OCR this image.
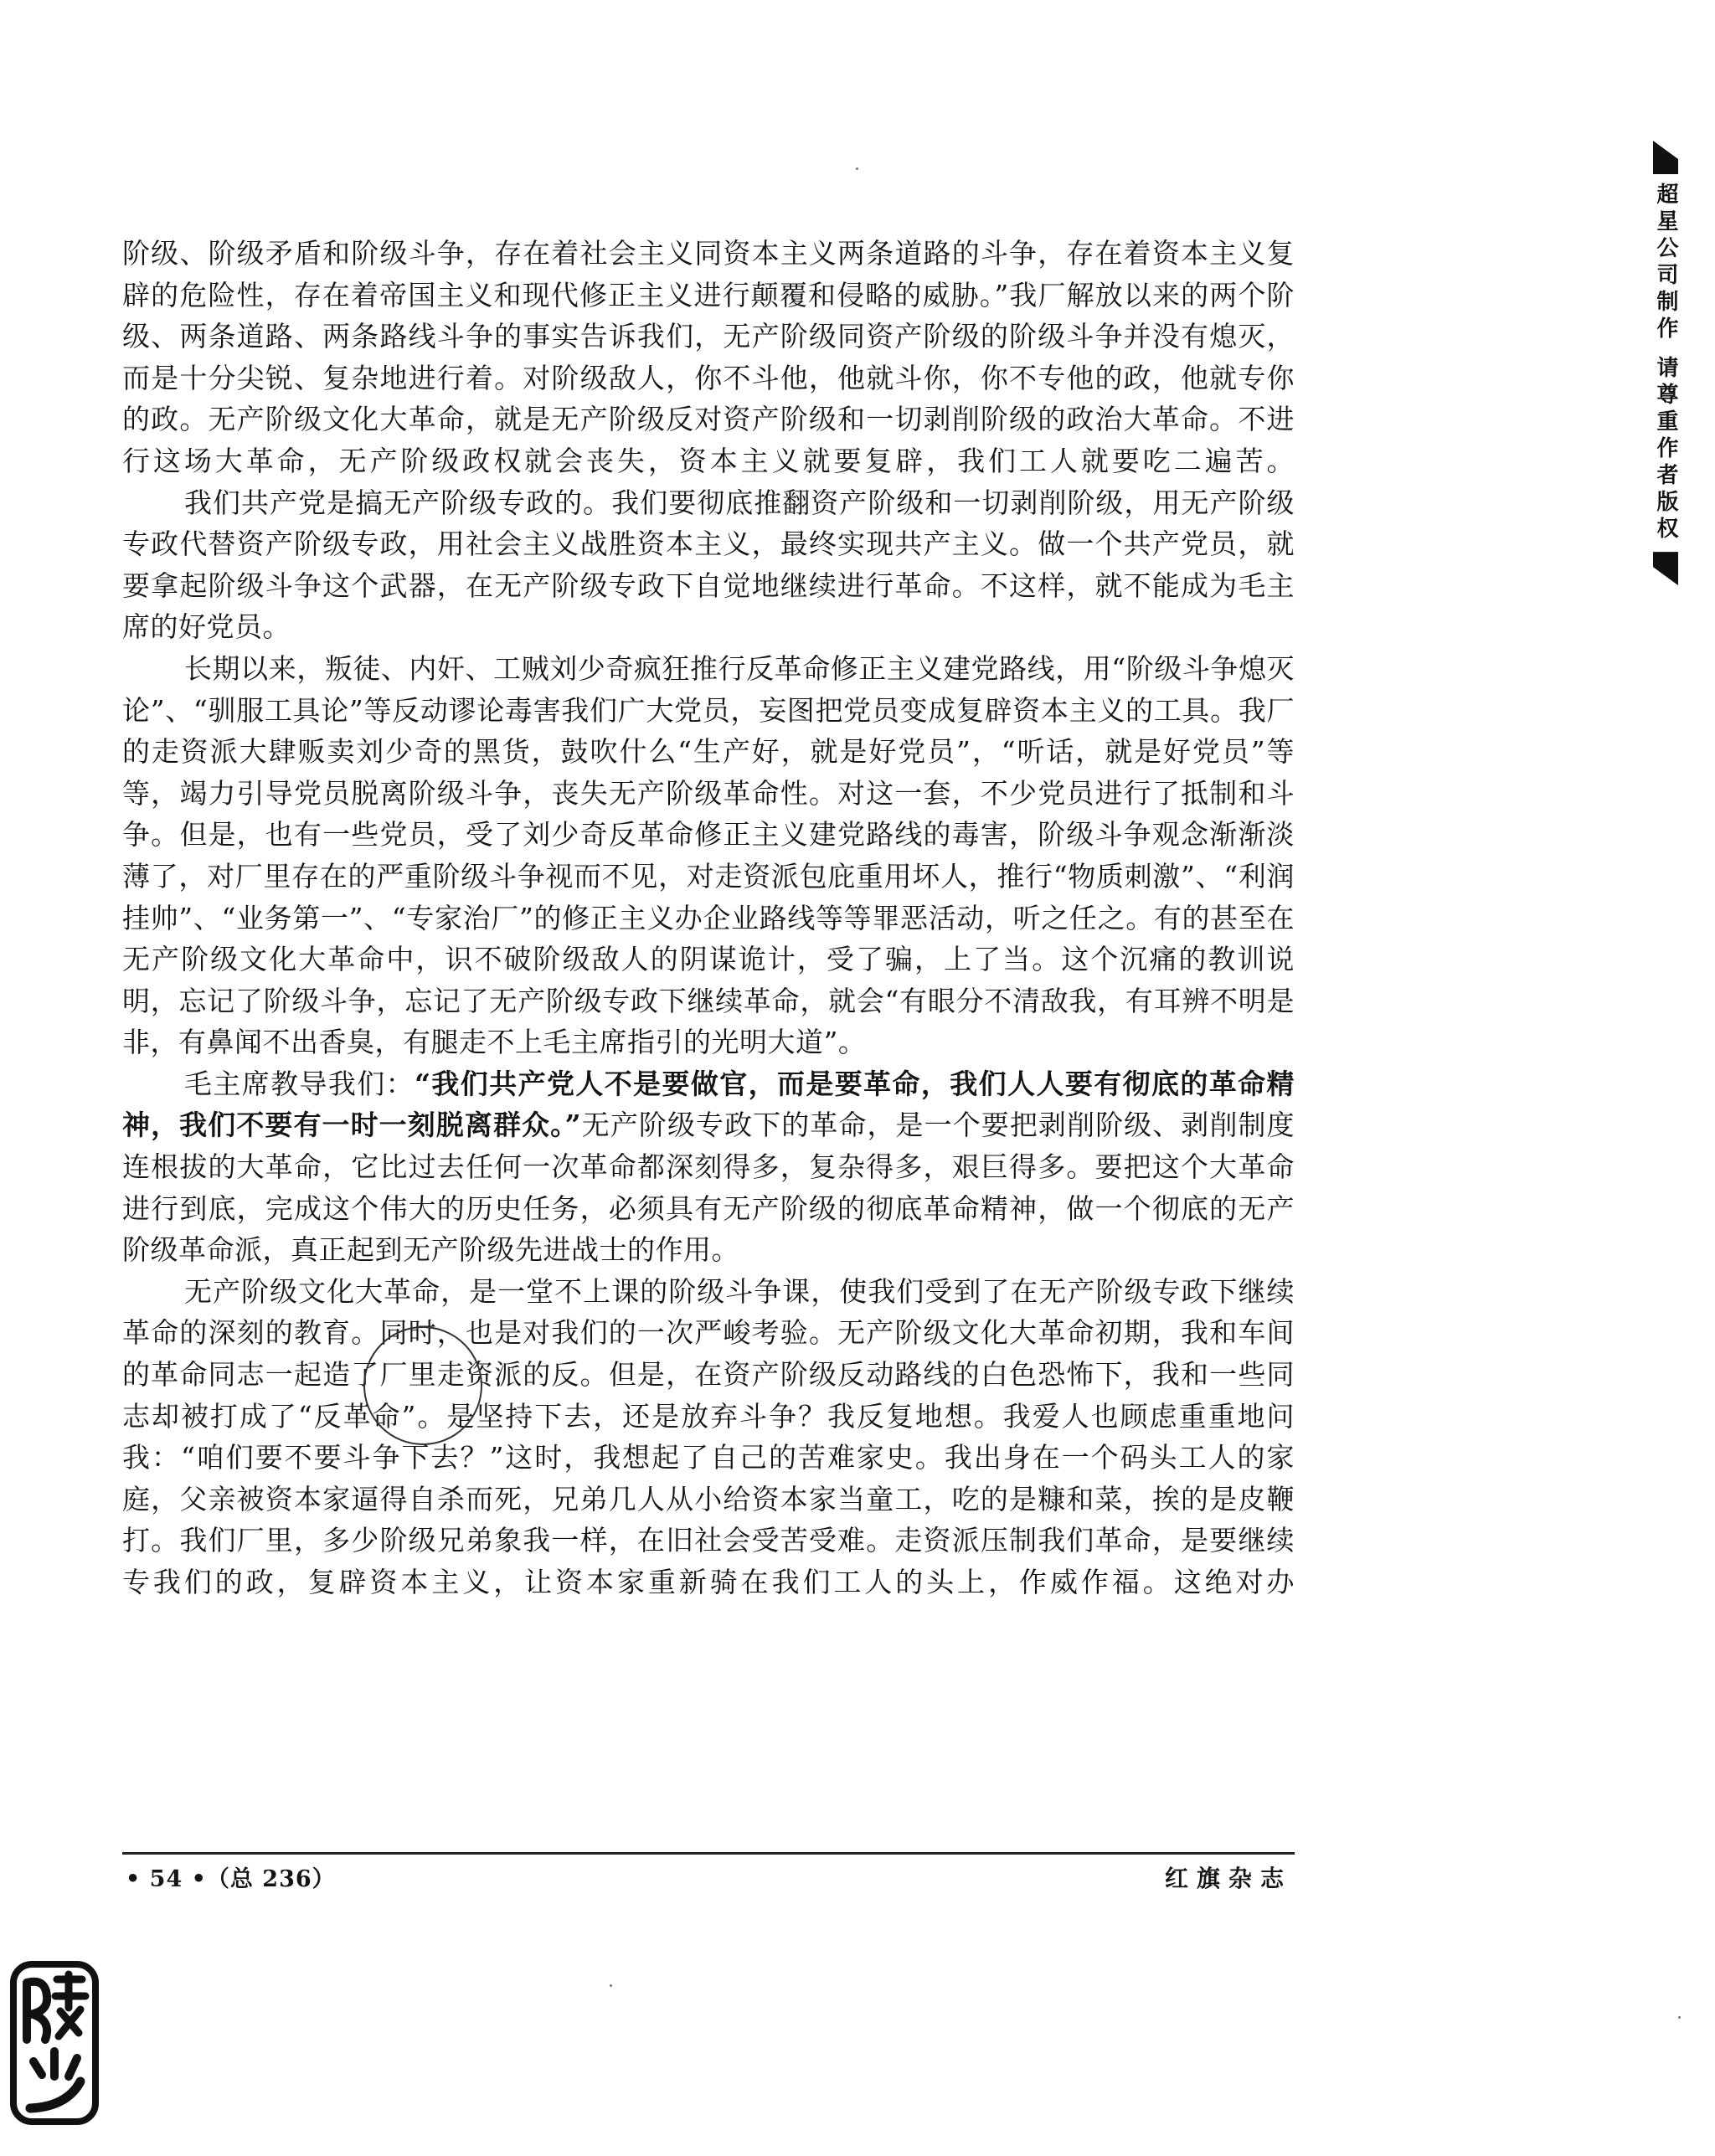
超星公司制作 请尊重作者版权

阶级、阶级矛盾和阶级斗争，存在着社会主义同资本主义两条道路的斗争，存在着资本主义复辟的危险性，存在着帝国主义和现代修正主义进行颠覆和侵略的威胁。”我厂解放以来的两个阶级、两条道路、两条路线斗争的事实告诉我们，无产阶级同资产阶级的阶级斗争并没有熄灭，而是十分尖锐、复杂地进行着。对阶级敌人，你不斗他，他就斗你，你不专他的政，他就专你的政。无产阶级文化大革命，就是无产阶级反对资产阶级和一切剥削阶级的政治大革命。不进行这场大革命，无产阶级政权就会丧失，资本主义就要复辟，我们工人就要吃二遍苦。

我们共产党是搞无产阶级专政的。我们要彻底推翻资产阶级和一切剥削阶级，用无产阶级专政代替资产阶级专政，用社会主义战胜资本主义，最终实现共产主义。做一个共产党员，就要拿起阶级斗争这个武器，在无产阶级专政下自觉地继续进行革命。不这样，就不能成为毛主席的好党员。

长期以来，叛徒、内奸、工贼刘少奇疯狂推行反革命修正主义建党路线，用“阶级斗争熄灭论”、“驯服工具论”等反动谬论毒害我们广大党员，妄图把党员变成复辟资本主义的工具。我厂的走资派大肆贩卖刘少奇的黑货，鼓吹什么“生产好，就是好党员”，“听话，就是好党员”等等，竭力引导党员脱离阶级斗争，丧失无产阶级革命性。对这一套，不少党员进行了抵制和斗争。但是，也有一些党员，受了刘少奇反革命修正主义建党路线的毒害，阶级斗争观念渐渐淡薄了，对厂里存在的严重阶级斗争视而不见，对走资派包庇重用坏人，推行“物质刺激”、“利润挂帅”、“业务第一”、“专家治厂”的修正主义办企业路线等等罪恶活动，听之任之。有的甚至在无产阶级文化大革命中，识不破阶级敌人的阴谋诡计，受了骗，上了当。这个沉痛的教训说明，忘记了阶级斗争，忘记了无产阶级专政下继续革命，就会“有眼分不清敌我，有耳辨不明是非，有鼻闻不出香臭，有腿走不上毛主席指引的光明大道”。

毛主席教导我们：“我们共产党人不是要做官，而是要革命，我们人人要有彻底的革命精神，我们不要有一时一刻脱离群众。”无产阶级专政下的革命，是一个要把剥削阶级、剥削制度连根拔的大革命，它比过去任何一次革命都深刻得多，复杂得多，艰巨得多。要把这个大革命进行到底，完成这个伟大的历史任务，必须具有无产阶级的彻底革命精神，做一个彻底的无产阶级革命派，真正起到无产阶级先进战士的作用。

无产阶级文化大革命，是一堂不上课的阶级斗争课，使我们受到了在无产阶级专政下继续革命的深刻的教育。同时，也是对我们的一次严峻考验。无产阶级文化大革命初期，我和车间的革命同志一起造了厂里走资派的反。但是，在资产阶级反动路线的白色恐怖下，我和一些同志却被打成了“反革命”。是坚持下去，还是放弃斗争？我反复地想。我爱人也顾虑重重地问我：“咱们要不要斗争下去？”这时，我想起了自己的苦难家史。我出身在一个码头工人的家庭，父亲被资本家逼得自杀而死，兄弟几人从小给资本家当童工，吃的是糠和菜，挨的是皮鞭打。我们厂里，多少阶级兄弟象我一样，在旧社会受苦受难。走资派压制我们革命，是要继续专我们的政，复辟资本主义，让资本家重新骑在我们工人的头上，作威作福。这绝对办

• 54 •（总 236）	红旗杂志
